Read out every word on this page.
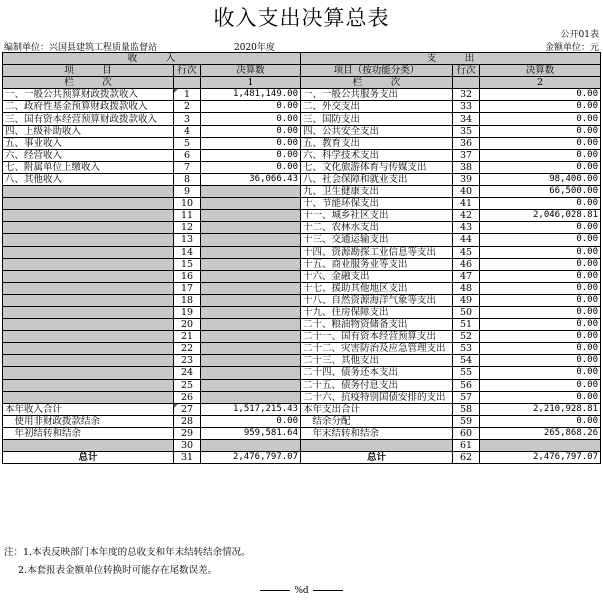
收入支出决算总表
公开01表
编制单位：兴国县建筑工程质量监督站	2020年度	金额单位：元
收　　　入			支　　　出		
项　　　目	行次	决算数	项目（按功能分类）	行次	决算数
栏　　　次		1	栏　　　次		2
一、一般公共预算财政拨款收入	1	1,481,149.00	一、一般公共服务支出	32	0.00
二、政府性基金预算财政拨款收入	2	0.00	二、外交支出	33	0.00
三、国有资本经营预算财政拨款收入	3	0.00	三、国防支出	34	0.00
四、上级补助收入	4	0.00	四、公共安全支出	35	0.00
五、事业收入	5	0.00	五、教育支出	36	0.00
六、经营收入	6	0.00	六、科学技术支出	37	0.00
七、附属单位上缴收入	7	0.00	七、文化旅游体育与传媒支出	38	0.00
八、其他收入	8	36,066.43	八、社会保障和就业支出	39	98,400.00
	9		九、卫生健康支出	40	66,500.00
	10		十、节能环保支出	41	0.00
	11		十一、城乡社区支出	42	2,046,028.81
	12		十二、农林水支出	43	0.00
	13		十三、交通运输支出	44	0.00
	14		十四、资源勘探工业信息等支出	45	0.00
	15		十五、商业服务业等支出	46	0.00
	16		十六、金融支出	47	0.00
	17		十七、援助其他地区支出	48	0.00
	18		十八、自然资源海洋气象等支出	49	0.00
	19		十九、住房保障支出	50	0.00
	20		二十、粮油物资储备支出	51	0.00
	21		二十一、国有资本经营预算支出	52	0.00
	22		二十二、灾害防治及应急管理支出	53	0.00
	23		二十三、其他支出	54	0.00
	24		二十四、债务还本支出	55	0.00
	25		二十五、债务付息支出	56	0.00
	26		二十六、抗疫特别国债安排的支出	57	0.00
本年收入合计	27	1,517,215.43	本年支出合计	58	2,210,928.81
　使用非财政拨款结余	28	0.00	　结余分配	59	0.00
　年初结转和结余	29	959,581.64	　年末结转和结余	60	265,868.26
	30			61	
总计	31	2,476,797.07	总计	62	2,476,797.07
注：1.本表反映部门本年度的总收支和年末结转结余情况。
2.本套报表金额单位转换时可能存在尾数误差。
%d
